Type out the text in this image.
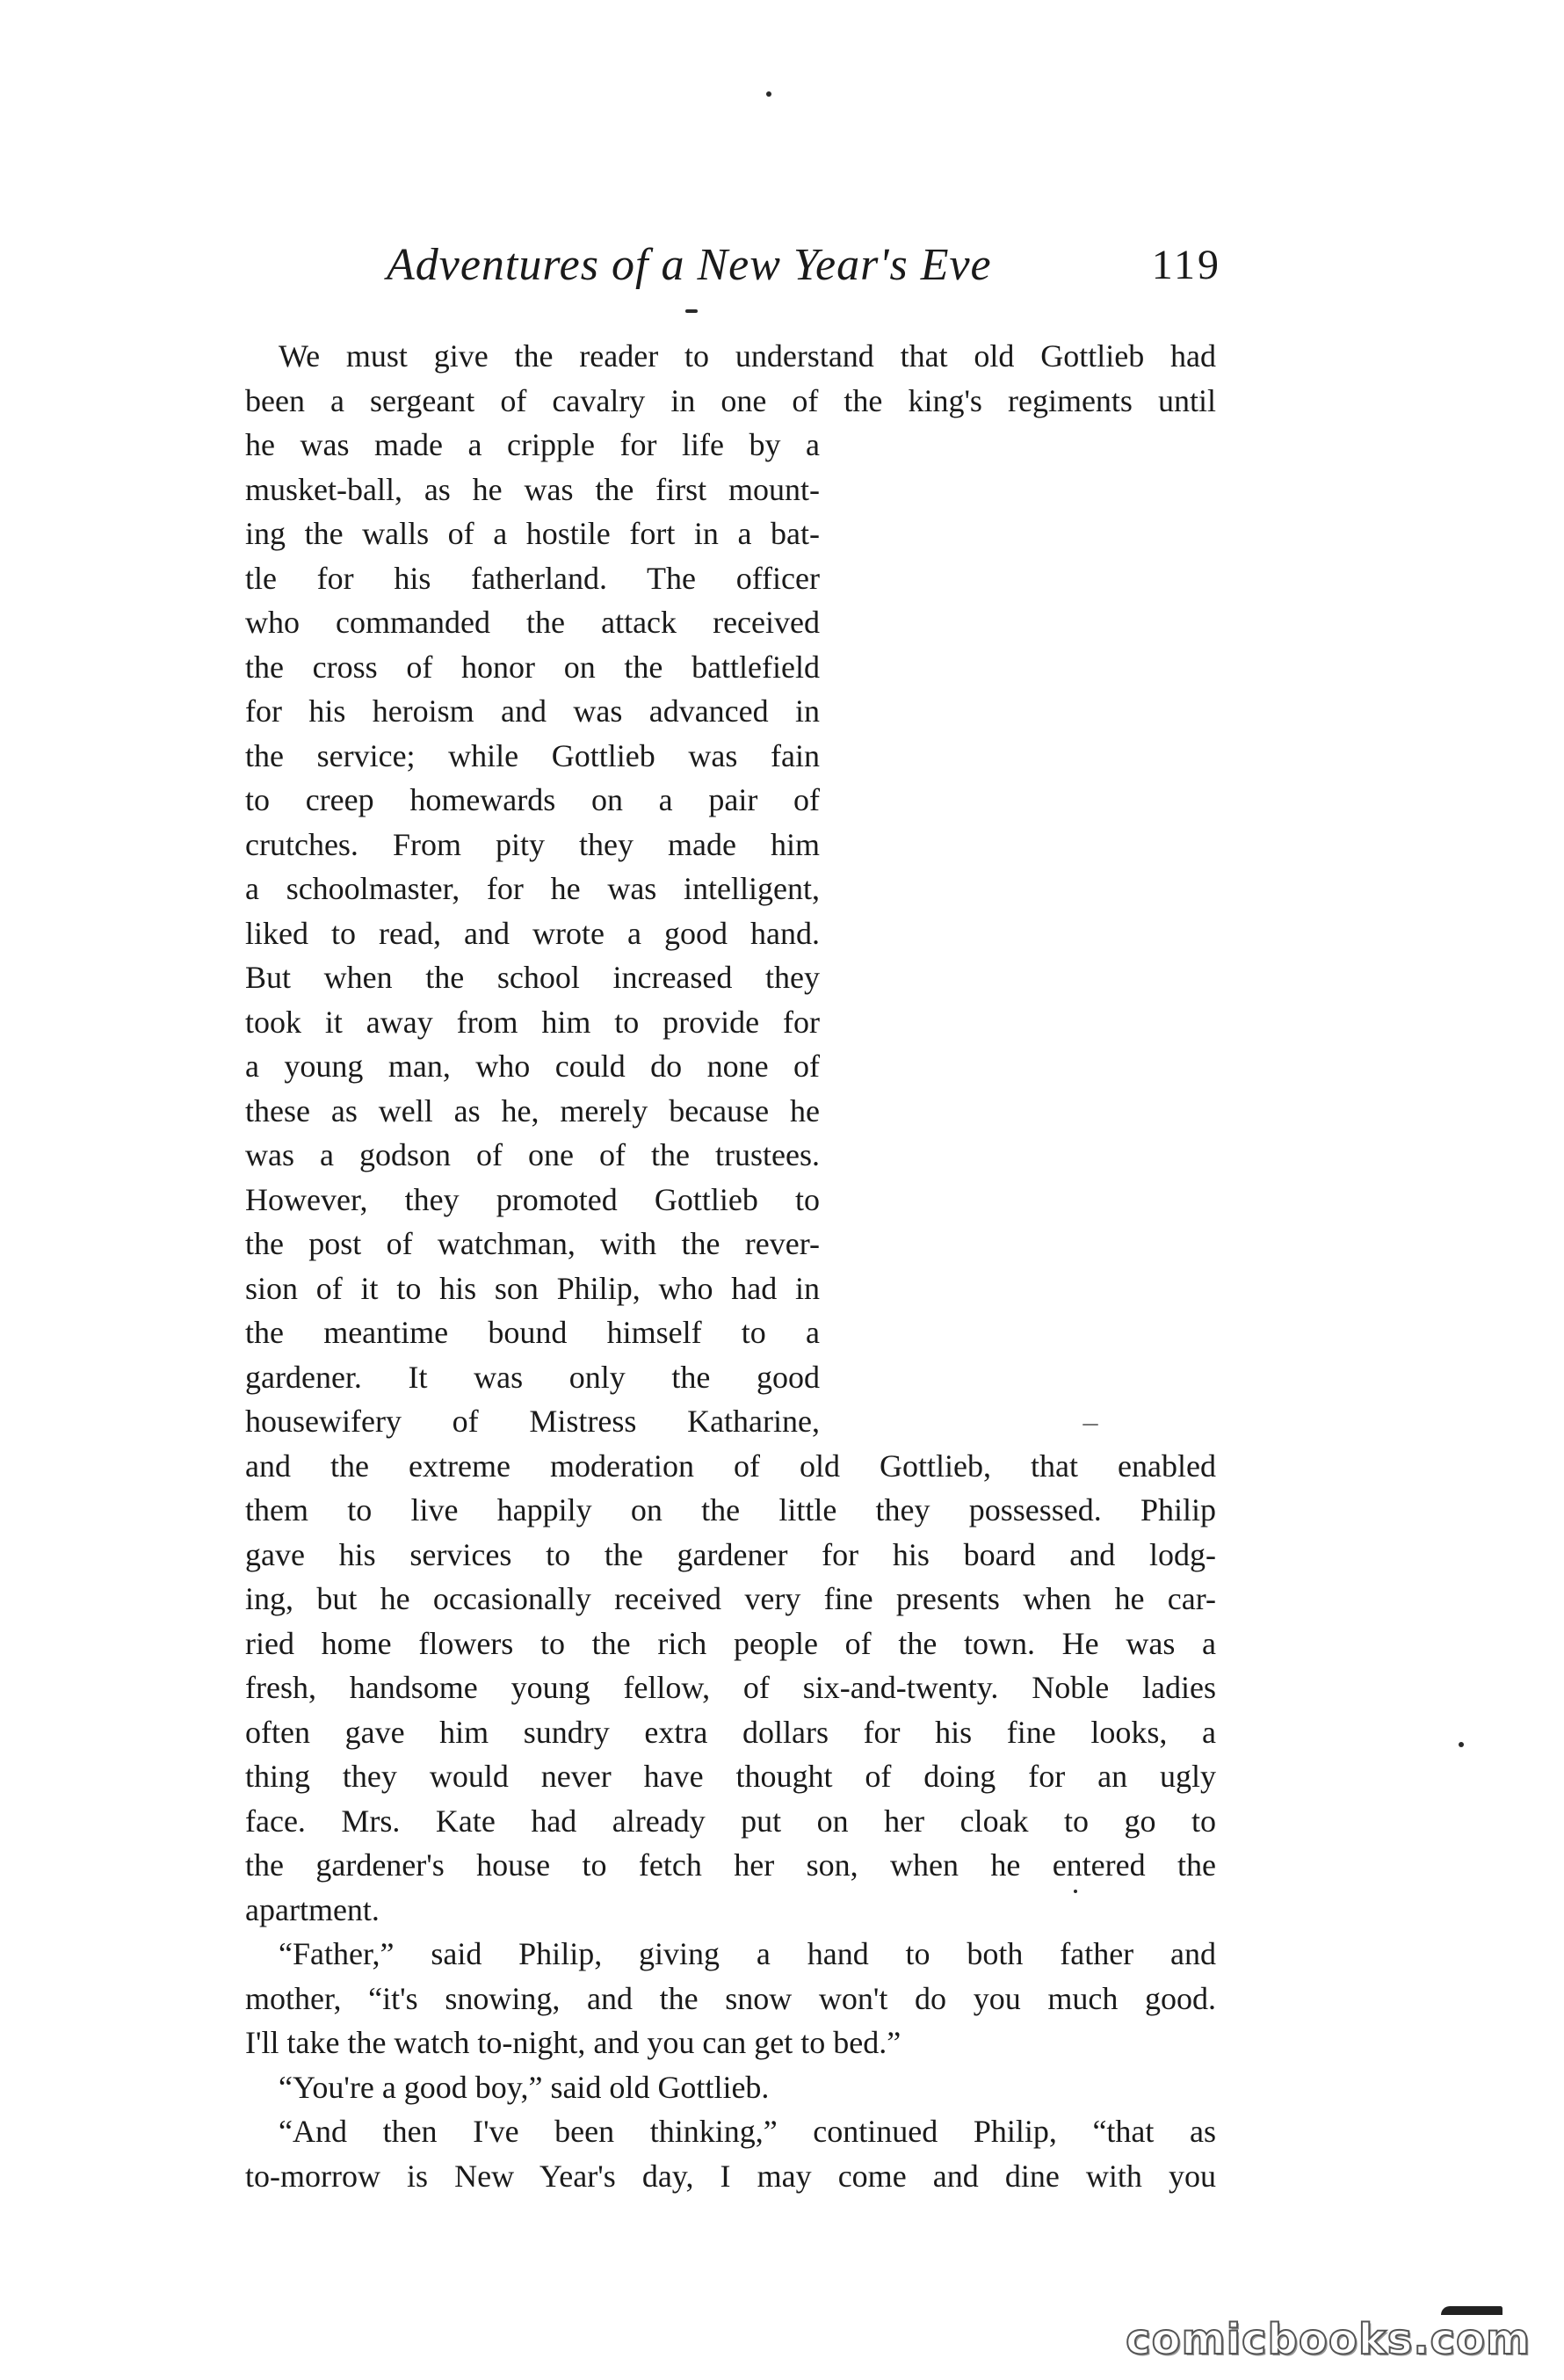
Adventures of a New Year's Eve	119
We must give the reader to understand that old Gottlieb had
been a sergeant of cavalry in one of the king's regiments until
he was made a cripple for life by a
musket-ball, as he was the first mount-
ing the walls of a hostile fort in a bat-
tle for his fatherland. The officer
who commanded the attack received
the cross of honor on the battlefield
for his heroism and was advanced in
the service; while Gottlieb was fain
to creep homewards on a pair of
crutches. From pity they made him
a schoolmaster, for he was intelligent,
liked to read, and wrote a good hand.
But when the school increased they
took it away from him to provide for
a young man, who could do none of
these as well as he, merely because he
was a godson of one of the trustees.
However, they promoted Gottlieb to
the post of watchman, with the rever-
sion of it to his son Philip, who had in
the meantime bound himself to a
gardener. It was only the good
housewifery of Mistress Katharine,
and the extreme moderation of old Gottlieb, that enabled
them to live happily on the little they possessed. Philip
gave his services to the gardener for his board and lodg-
ing, but he occasionally received very fine presents when he car-
ried home flowers to the rich people of the town. He was a
fresh, handsome young fellow, of six-and-twenty. Noble ladies
often gave him sundry extra dollars for his fine looks, a
thing they would never have thought of doing for an ugly
face. Mrs. Kate had already put on her cloak to go to
the gardener's house to fetch her son, when he entered the
apartment.
“Father,” said Philip, giving a hand to both father and
mother, “it's snowing, and the snow won't do you much good.
I'll take the watch to-night, and you can get to bed.”
“You're a good boy,” said old Gottlieb.
“And then I've been thinking,” continued Philip, “that as
to-morrow is New Year's day, I may come and dine with you
comicbooks.com
